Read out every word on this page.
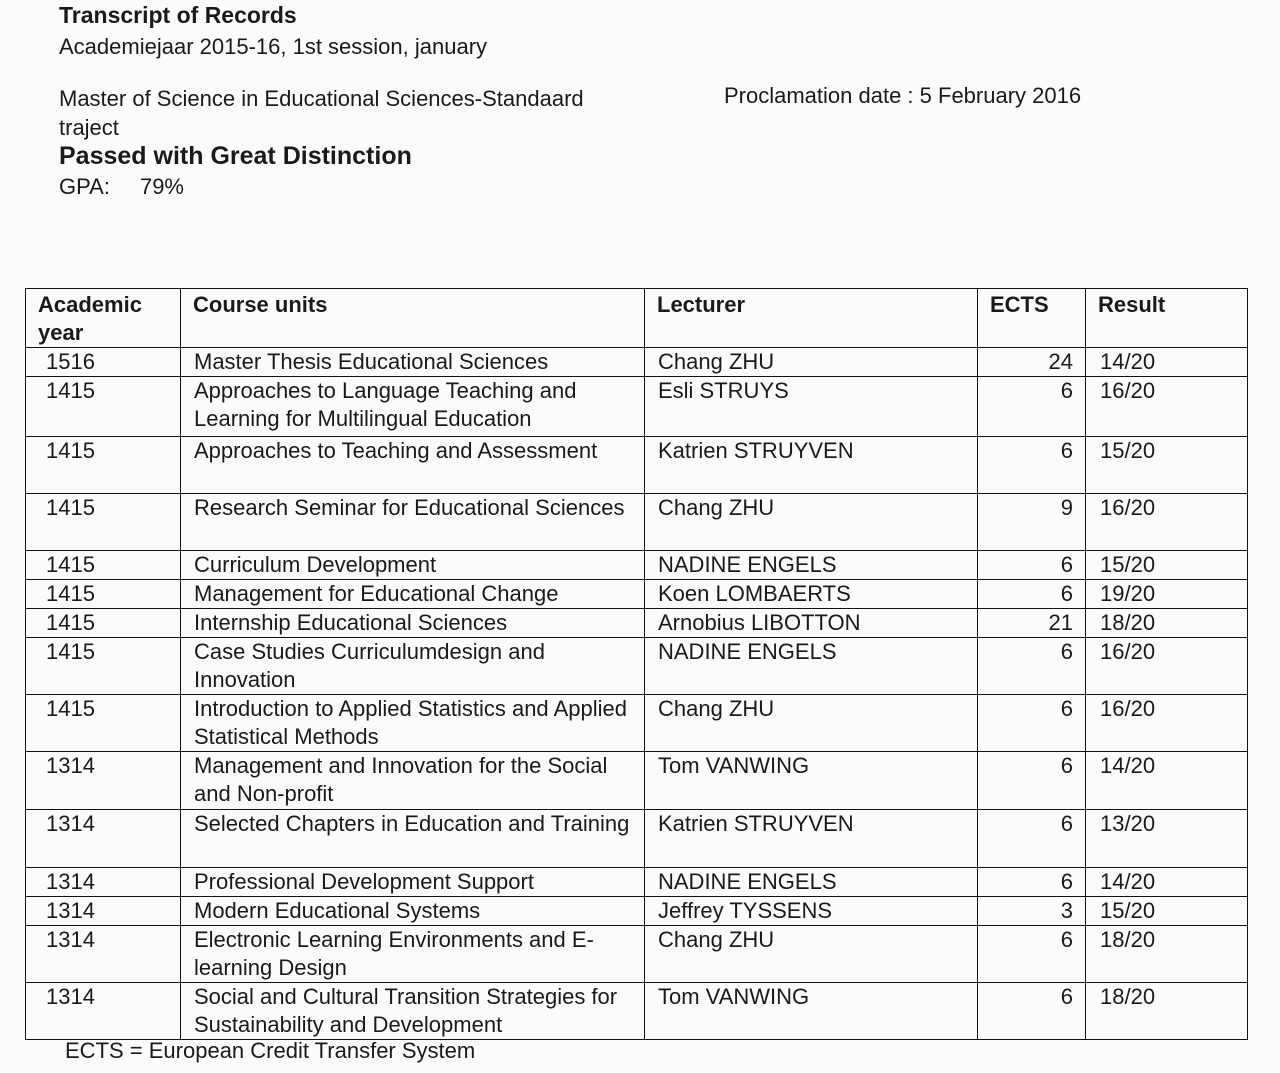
Transcript of Records
Academiejaar 2015-16, 1st session, january
Master of Science in Educational Sciences-Standaard
traject
Proclamation date : 5 February 2016
Passed with Great Distinction
GPA: 79%
Academic year	Course units	Lecturer	ECTS	Result
1516	Master Thesis Educational Sciences	Chang ZHU	24	14/20
1415	Approaches to Language Teaching and Learning for Multilingual Education	Esli STRUYS	6	16/20
1415	Approaches to Teaching and Assessment	Katrien STRUYVEN	6	15/20
1415	Research Seminar for Educational Sciences	Chang ZHU	9	16/20
1415	Curriculum Development	NADINE ENGELS	6	15/20
1415	Management for Educational Change	Koen LOMBAERTS	6	19/20
1415	Internship Educational Sciences	Arnobius LIBOTTON	21	18/20
1415	Case Studies Curriculumdesign and Innovation	NADINE ENGELS	6	16/20
1415	Introduction to Applied Statistics and Applied Statistical Methods	Chang ZHU	6	16/20
1314	Management and Innovation for the Social and Non-profit	Tom VANWING	6	14/20
1314	Selected Chapters in Education and Training	Katrien STRUYVEN	6	13/20
1314	Professional Development Support	NADINE ENGELS	6	14/20
1314	Modern Educational Systems	Jeffrey TYSSENS	3	15/20
1314	Electronic Learning Environments and E-learning Design	Chang ZHU	6	18/20
1314	Social and Cultural Transition Strategies for Sustainability and Development	Tom VANWING	6	18/20
ECTS = European Credit Transfer System
